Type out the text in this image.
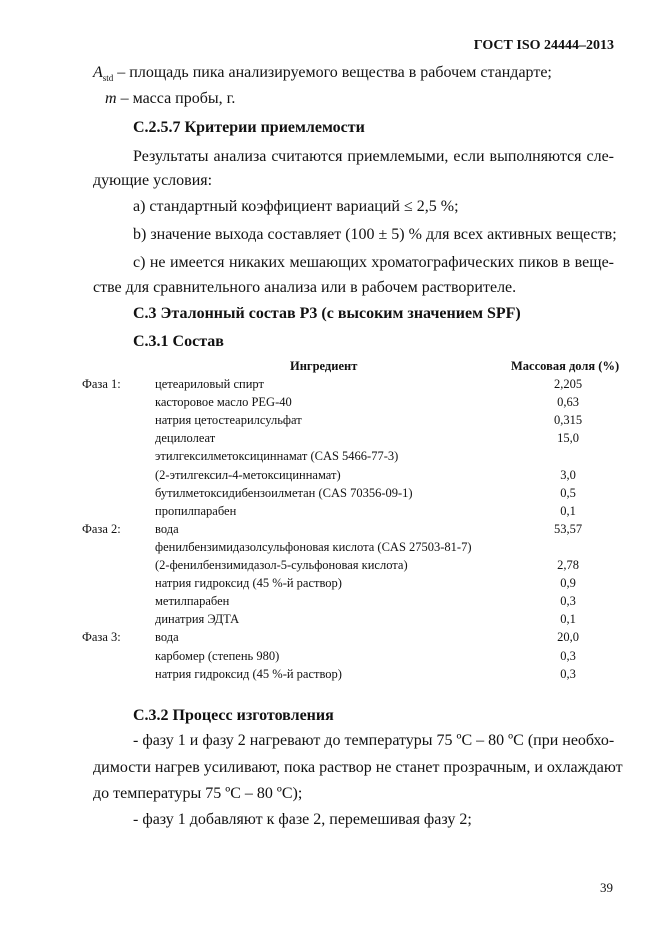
ГОСТ ISO 24444–2013
$A_{std}$ – площадь пика анализируемого вещества в рабочем стандарте;
m – масса пробы, г.
С.2.5.7 Критерии приемлемости
Результаты анализа считаются приемлемыми, если выполняются сле-
дующие условия:
а) стандартный коэффициент вариаций ≤ 2,5 %;
b) значение выхода составляет (100 ± 5) % для всех активных веществ;
с) не имеется никаких мешающих хроматографических пиков в веще-
стве для сравнительного анализа или в рабочем растворителе.
С.3 Эталонный состав Р3 (с высоким значением SPF)
С.3.1 Состав
Ингредиент	Массовая доля (%)
Фаза 1:	цетеариловый спирт	2,205
касторовое масло PEG-40	0,63
натрия цетостеарилсульфат	0,315
децилолеат	15,0
этилгексилметоксициннамат (CAS 5466-77-3)
(2-этилгексил-4-метоксициннамат)	3,0
бутилметоксидибензоилметан (CAS 70356-09-1)	0,5
пропилпарабен	0,1
Фаза 2:	вода	53,57
фенилбензимидазолсульфоновая кислота (CAS 27503-81-7)
(2-фенилбензимидазол-5-сульфоновая кислота)	2,78
натрия гидроксид (45 %-й раствор)	0,9
метилпарабен	0,3
динатрия ЭДТА	0,1
Фаза 3:	вода	20,0
карбомер (степень 980)	0,3
натрия гидроксид (45 %-й раствор)	0,3
С.3.2 Процесс изготовления
- фазу 1 и фазу 2 нагревают до температуры 75 ºС – 80 ºС (при необхо-
димости нагрев усиливают, пока раствор не станет прозрачным, и охлаждают
до температуры 75 ºС – 80 ºС);
- фазу 1 добавляют к фазе 2, перемешивая фазу 2;
39
